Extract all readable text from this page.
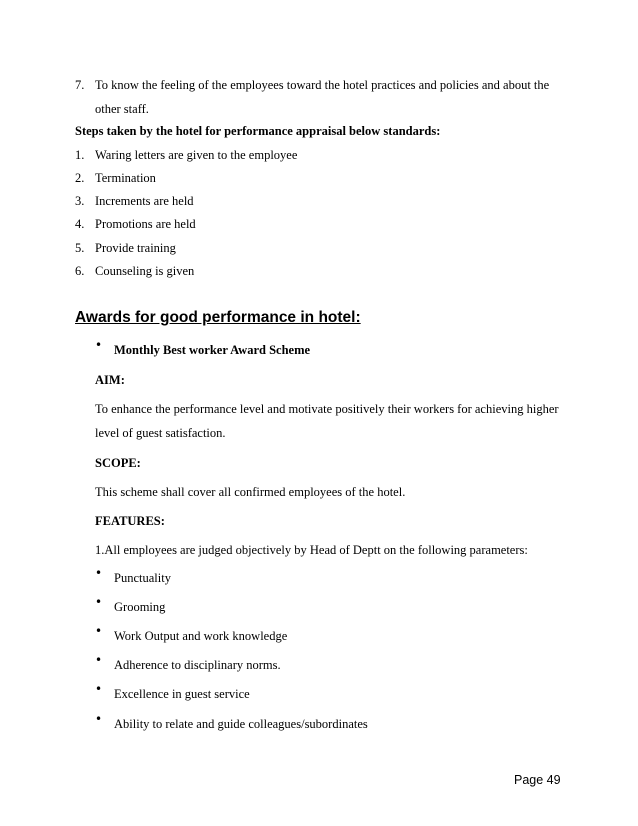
7. To know the feeling of the employees toward the hotel practices and policies and about the
other staff.
Steps taken by the hotel for performance appraisal below standards:
1. Waring letters are given to the employee
2. Termination
3. Increments are held
4. Promotions are held
5. Provide training
6. Counseling is given
Awards for good performance in hotel:
• Monthly Best worker Award Scheme
AIM:
To enhance the performance level and motivate positively their workers for achieving higher
level of guest satisfaction.
SCOPE:
This scheme shall cover all confirmed employees of the hotel.
FEATURES:
1.All employees are judged objectively by Head of Deptt on the following parameters:
• Punctuality
• Grooming
• Work Output and work knowledge
• Adherence to disciplinary norms.
• Excellence in guest service
• Ability to relate and guide colleagues/subordinates
Page 49
